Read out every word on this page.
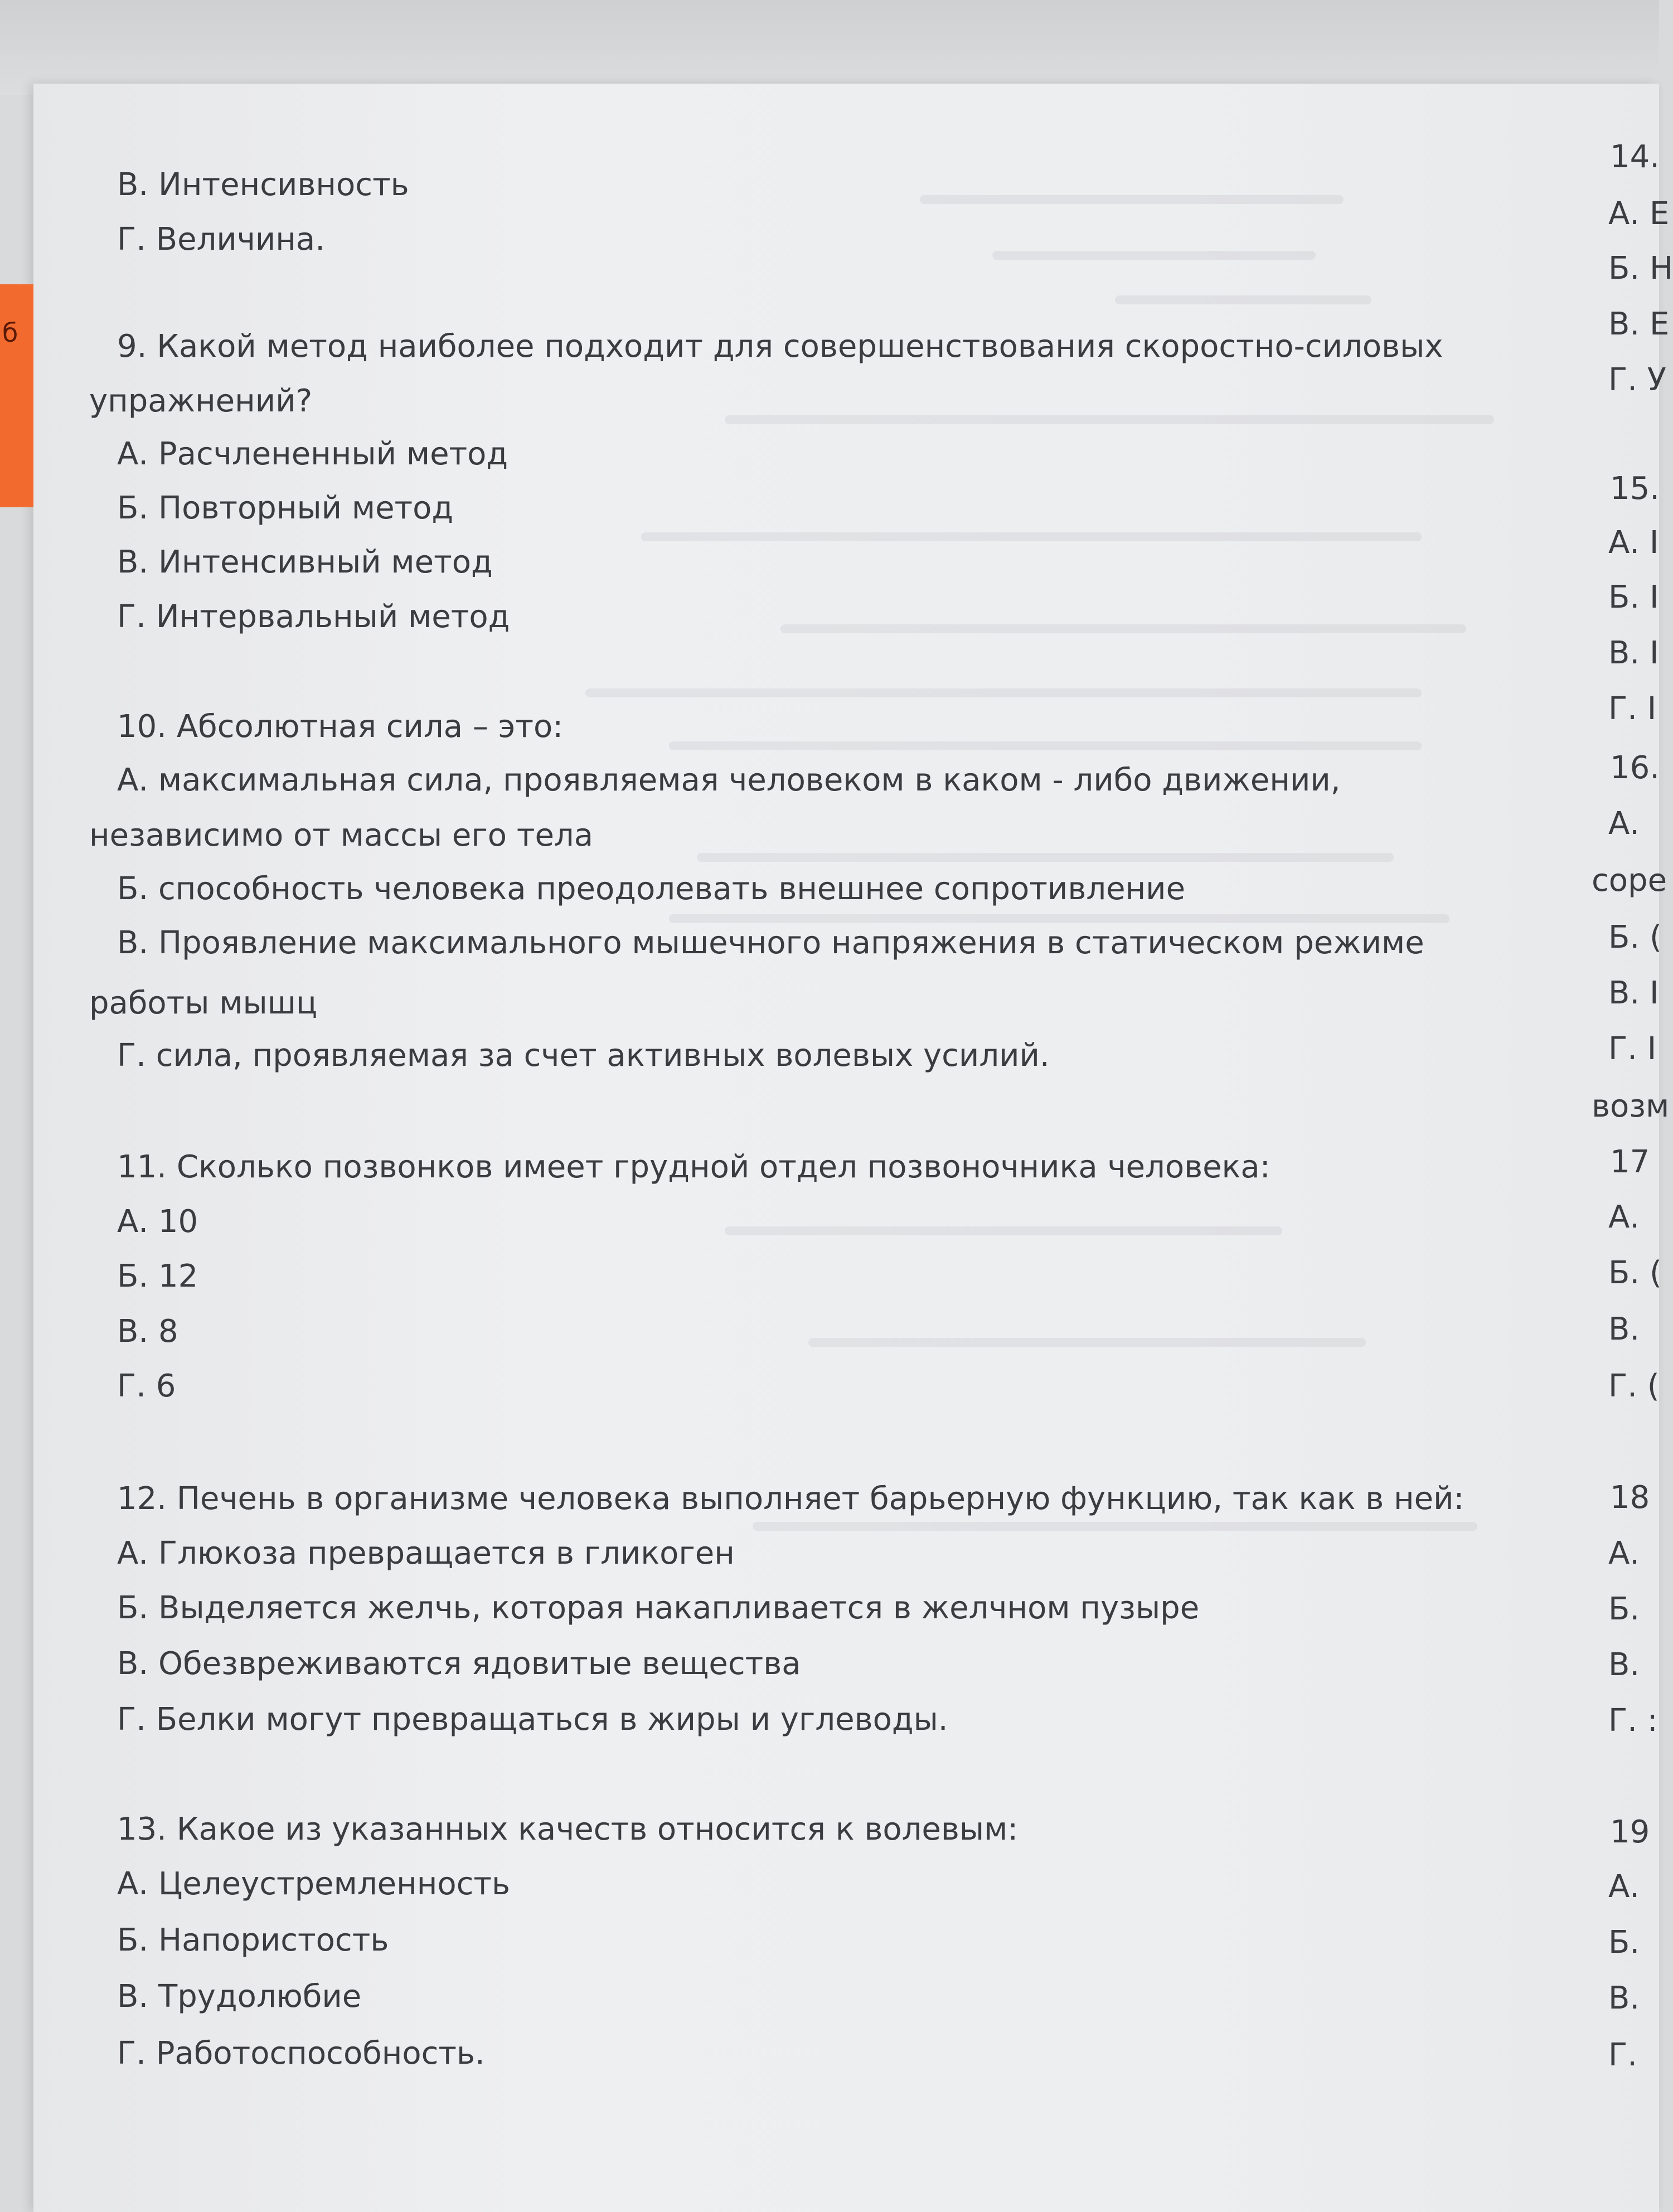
б

В. Интенсивность

Г. Величина.

9. Какой метод наиболее подходит для совершенствования скоростно-силовых

упражнений?

А. Расчлененный метод

Б. Повторный метод

В. Интенсивный метод

Г. Интервальный метод

10. Абсолютная сила – это:

А. максимальная сила, проявляемая человеком в каком - либо движении,

независимо от массы его тела

Б. способность человека преодолевать внешнее сопротивление

В. Проявление максимального мышечного напряжения в статическом режиме

работы мышц

Г. сила, проявляемая за счет активных волевых усилий.

11. Сколько позвонков имеет грудной отдел позвоночника человека:

А. 10

Б. 12

В. 8

Г. 6

12. Печень в организме человека выполняет барьерную функцию, так как в ней:

А. Глюкоза превращается в гликоген

Б. Выделяется желчь, которая накапливается в желчном пузыре

В. Обезвреживаются ядовитые вещества

Г. Белки могут превращаться в жиры и углеводы.

13. Какое из указанных качеств относится к волевым:

А. Целеустремленность

Б. Напористость

В. Трудолюбие

Г. Работоспособность.

14.

А. Е

Б. Н

В. Е

Г. У

15.

А. I

Б. I

В. I

Г. I

16.

А.

соре

Б. (

В. I

Г. I

возм

17

А.

Б. (

В.

Г. (

18

А.

Б.

В.

Г. :

19

А.

Б.

В.

Г.
